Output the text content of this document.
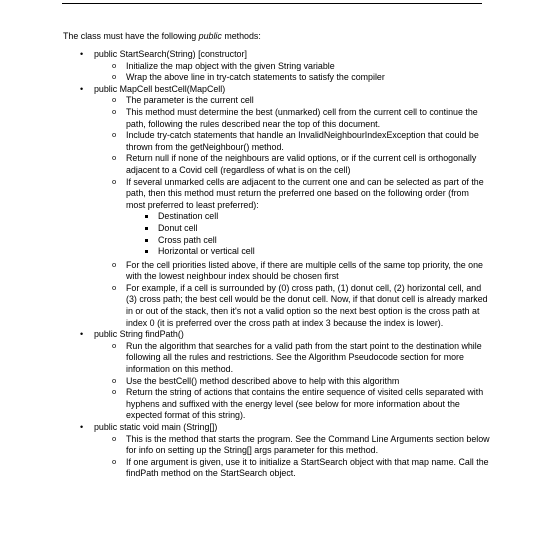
The class must have the following public methods:
• public StartSearch(String) [constructor]
o Initialize the map object with the given String variable
o Wrap the above line in try-catch statements to satisfy the compiler
• public MapCell bestCell(MapCell)
o The parameter is the current cell
o This method must determine the best (unmarked) cell from the current cell to continue the path, following the rules described near the top of this document.
o Include try-catch statements that handle an InvalidNeighbourIndexException that could be thrown from the getNeighbour() method.
o Return null if none of the neighbours are valid options, or if the current cell is orthogonally adjacent to a Covid cell (regardless of what is on the cell)
o If several unmarked cells are adjacent to the current one and can be selected as part of the path, then this method must return the preferred one based on the following order (from most preferred to least preferred):
Destination cell
Donut cell
Cross path cell
Horizontal or vertical cell
o For the cell priorities listed above, if there are multiple cells of the same top priority, the one with the lowest neighbour index should be chosen first
o For example, if a cell is surrounded by (0) cross path, (1) donut cell, (2) horizontal cell, and (3) cross path; the best cell would be the donut cell. Now, if that donut cell is already marked in or out of the stack, then it's not a valid option so the next best option is the cross path at index 0 (it is preferred over the cross path at index 3 because the index is lower).
• public String findPath()
o Run the algorithm that searches for a valid path from the start point to the destination while following all the rules and restrictions. See the Algorithm Pseudocode section for more information on this method.
o Use the bestCell() method described above to help with this algorithm
o Return the string of actions that contains the entire sequence of visited cells separated with hyphens and suffixed with the energy level (see below for more information about the expected format of this string).
• public static void main (String[])
o This is the method that starts the program. See the Command Line Arguments section below for info on setting up the String[] args parameter for this method.
o If one argument is given, use it to initialize a StartSearch object with that map name. Call the findPath method on the StartSearch object.
